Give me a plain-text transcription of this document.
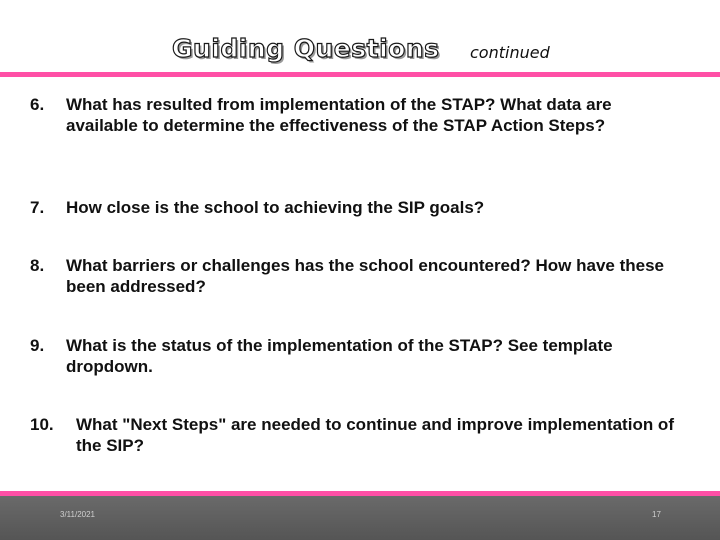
Guiding Questions continued
6. What has resulted from implementation of the STAP? What data are available to determine the effectiveness of the STAP Action Steps?
7. How close is the school to achieving the SIP goals?
8. What barriers or challenges has the school encountered? How have these been addressed?
9. What is the status of the implementation of the STAP? See template dropdown.
10. What "Next Steps" are needed to continue and improve implementation of the SIP?
3/11/2021	17
